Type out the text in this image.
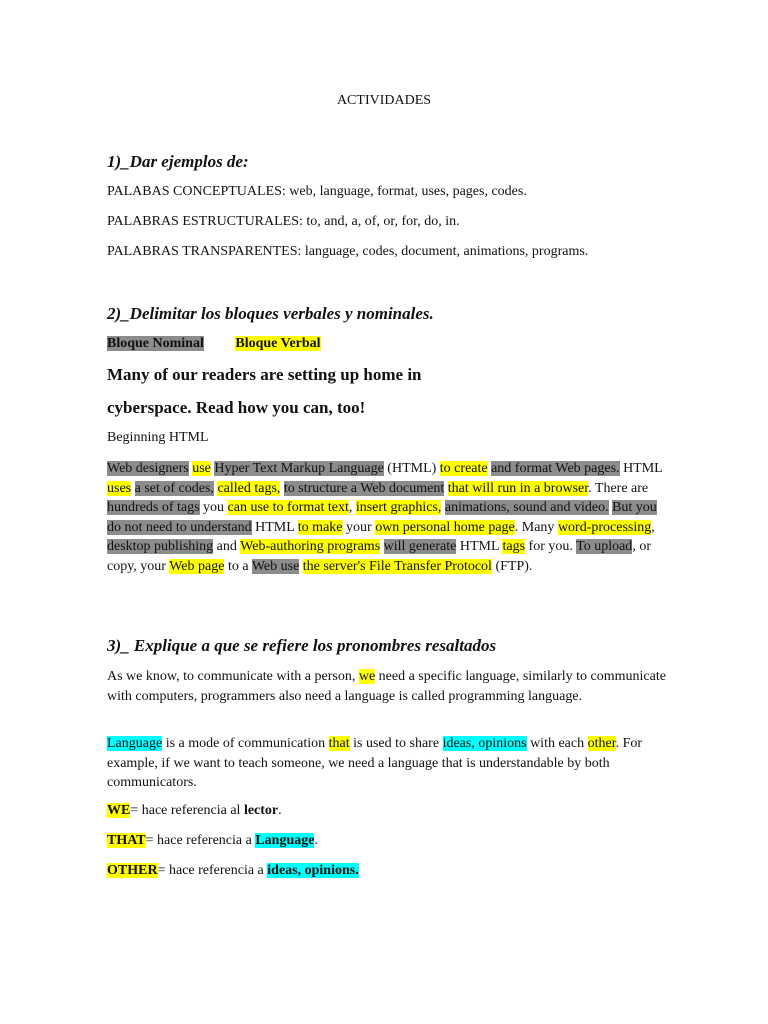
ACTIVIDADES
1)_Dar ejemplos de:
PALABAS CONCEPTUALES: web, language, format, uses, pages, codes.
PALABRAS ESTRUCTURALES: to, and, a, of, or, for, do, in.
PALABRAS TRANSPARENTES: language, codes, document, animations, programs.
2)_Delimitar los bloques verbales y nominales.
Bloque Nominal Bloque Verbal
Many of our readers are setting up home in
cyberspace. Read how you can, too!
Beginning HTML
Web designers use Hyper Text Markup Language (HTML) to create and format Web pages. HTML uses a set of codes, called tags, to structure a Web document that will run in a browser. There are hundreds of tags you can use to format text, insert graphics, animations, sound and video. But you do not need to understand HTML to make your own personal home page. Many word-processing, desktop publishing and Web-authoring programs will generate HTML tags for you. To upload, or copy, your Web page to a Web use the server's File Transfer Protocol (FTP).
3)_ Explique a que se refiere los pronombres resaltados
As we know, to communicate with a person, we need a specific language, similarly to communicate with computers, programmers also need a language is called programming language.
Language is a mode of communication that is used to share ideas, opinions with each other. For example, if we want to teach someone, we need a language that is understandable by both communicators.
WE= hace referencia al lector.
THAT= hace referencia a Language.
OTHER= hace referencia a ideas, opinions.
